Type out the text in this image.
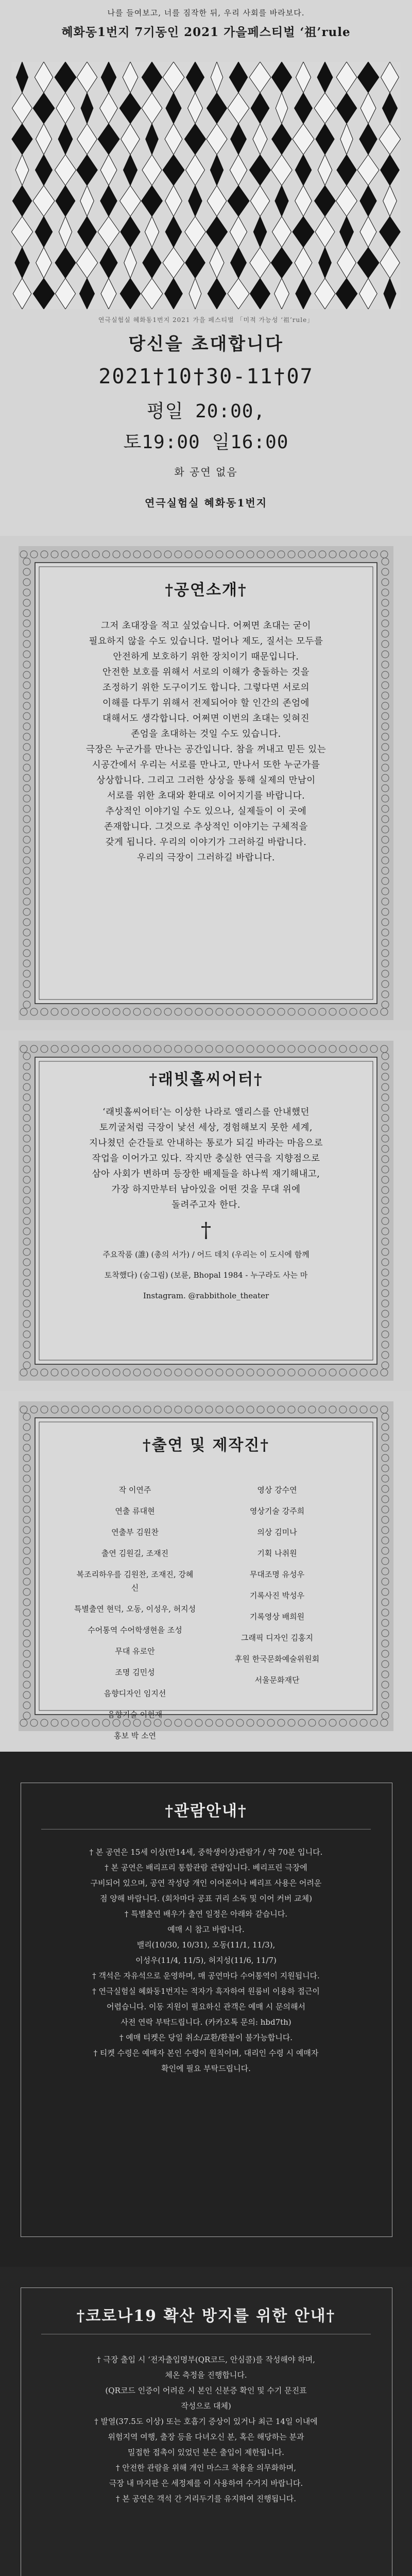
나를 들여보고, 너를 짐작한 뒤, 우리 사회를 바라보다.
혜화동1번지 7기동인 2021 가을페스티벌 ‘祖’rule
연극실험실 혜화동1번지 2021 가을 페스티벌 「미적 가능성 ‘祖’rule」
당신을 초대합니다
2021†10†30-11†07
평일 20:00,
토19:00 일16:00
화 공연 없음
연극실험실 혜화동1번지
†공연소개†

그저 초대장을 적고 싶었습니다. 어쩌면 초대는 굳이

필요하지 않을 수도 있습니다. 멀어나 제도, 질서는 모두를

안전하게 보호하기 위한 장치이기 때문입니다.

안전한 보호를 위해서 서로의 이해가 충돌하는 것을

조정하기 위한 도구이기도 합니다. 그렇다면 서로의

이해를 다투기 위해서 전제되어야 할 인간의 존엄에

대해서도 생각합니다. 어쩌면 이번의 초대는 잊혀진

존엄을 초대하는 것일 수도 있습니다.

극장은 누군가를 만나는 공간입니다. 참을 꺼내고 믿든 있는

시공간에서 우리는 서로를 만나고, 만나서 또한 누군가를

상상합니다. 그리고 그러한 상상을 통해 실제의 만남이

서로를 위한 초대와 환대로 이어지기를 바랍니다.

추상적인 이야기일 수도 있으나, 실제들이 이 곳에

존재합니다. 그것으로 추상적인 이야기는 구체적을

갖게 됩니다. 우리의 이야기가 그러하길 바랍니다.

우리의 극장이 그러하길 바랍니다.

†래빗홀씨어터†

‘래빗홀씨어터’는 이상한 나라로 앨리스를 안내했던

토끼굴처럼 극장이 낯선 세상, 경험해보지 못한 세계,

지나쳤던 순간들로 안내하는 통로가 되길 바라는 마음으로

작업을 이어가고 있다. 작지만 충실한 연극을 지향점으로

삼아 사회가 변하며 등장한 배제들을 하나씩 재기해내고,

가장 하지만부터 남아있을 어떤 것을 무대 위에

돌려주고자 한다.

†

주요작품 (誰) (총의 서가) / 어드 데치 (우리는 이 도시에 함께

토착했다) (숨그림) (보륜, Bhopal 1984 - 누구라도 사는 마

Instagram. @rabbithole_theater

†출연 및 제작진†

작 이연주

연출 류대현

연출부 김원찬

출연 김원길, 조재진

복조리하우를 김원찬, 조재진, 강혜신

특별출연 현덕, 오동, 이성우, 허지성

수어통역 수어학생현을 조성

무대 유로안

조명 김민성

음향디자인 임지선

음향기술 이현재

홍보 박 소연

영상 강수연

영상기술 강주희

의상 김미나

기획 나취원

무대조명 유성우

기록사진 박성우

기록영상 배희원

그래픽 디자인 김홍지

후원 한국문화예술위원회

서울문화재단

†관람안내†

† 본 공연은 15세 이상(만14세, 중학생이상)관람가 / 약 70분 입니다.

† 본 공연은 배리프리 통합관람 관람입니다. 베리프린 극장에

구비되어 있으며, 공연 작성당 개인 이어폰이나 베리프 사용은 어려운

점 양해 바랍니다. (회차마다 공표 귀리 소독 및 이어 커버 교체)

† 특별출연 배우가 출연 일정은 아래와 같습니다.

예매 시 참고 바랍니다.

밸리(10/30, 10/31), 오동(11/1, 11/3),

이성우(11/4, 11/5), 허지성(11/6, 11/7)

† 객석은 자유석으로 운영하며, 매 공연마다 수어통역이 지원됩니다.

† 연극실험실 혜화동1번지는 적자가 흑자하여 원룸비 이용하 접근이

어렵습니다. 이동 지원이 필요하신 관객은 예매 시 문의해서

사전 연락 부탁드립니다. (카카오톡 문의: hbd7th)

† 예매 티켓은 당일 취소/교환/환불이 불가능합니다.

† 티켓 수령은 예매자 본인 수령이 원칙이며, 대리인 수령 시 예매자

확인에 필요 부탁드립니다.

†코로나19 확산 방지를 위한 안내†

† 극장 출입 시 ‘전자출입명부(QR코드, 안심콜)를 작성해야 하며,

체온 측정을 진행합니다.

(QR코드 인증이 어려운 시 본인 신분증 확인 및 수기 문진표

작성으로 대체)

† 발열(37.5도 이상) 또는 호흡기 증상이 있거나 최근 14일 이내에

위험지역 여행, 출장 등을 다녀오신 분, 혹은 해당하는 분과

밀접한 접촉이 있었던 분은 출입이 제한됩니다.

† 안전한 관람을 위해 개인 마스크 착용을 의무화하며,

극장 내 마지판 은 세정제를 이 사용하여 수거지 바랍니다.

† 본 공연은 객석 간 거리두기를 유지하여 진행됩니다.
